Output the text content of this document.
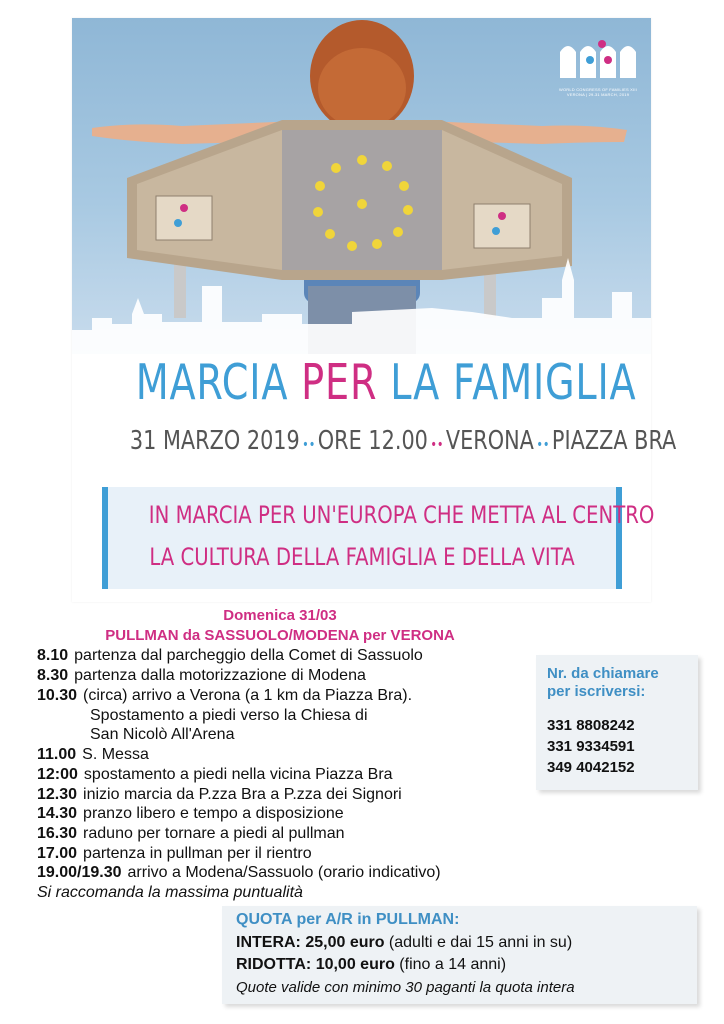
WORLD CONGRESS OF FAMILIES XIII
VERONA | 29-31 MARCH, 2019
MARCIA PER LA FAMIGLIA
31 MARZO 2019 ••ORE 12.00 ••VERONA ••PIAZZA BRA
IN MARCIA PER UN'EUROPA CHE METTA AL CENTRO
LA CULTURA DELLA FAMIGLIA E DELLA VITA
Domenica 31/03
PULLMAN da SASSUOLO/MODENA per VERONA
8.10 partenza dal parcheggio della Comet di Sassuolo
8.30 partenza dalla motorizzazione di Modena
10.30 (circa) arrivo a Verona (a 1 km da Piazza Bra).
Spostamento a piedi verso la Chiesa di
San Nicolò All'Arena
11.00 S. Messa
12:00 spostamento a piedi nella vicina Piazza Bra
12.30 inizio marcia da P.zza Bra a P.zza dei Signori
14.30 pranzo libero e tempo a disposizione
16.30 raduno per tornare a piedi al pullman
17.00 partenza in pullman per il rientro
19.00/19.30 arrivo a Modena/Sassuolo (orario indicativo)
Si raccomanda la massima puntualità
Nr. da chiamare
per iscriversi:
331 8808242
331 9334591
349 4042152
QUOTA per A/R in PULLMAN:
INTERA: 25,00 euro (adulti e dai 15 anni in su)
RIDOTTA: 10,00 euro (fino a 14 anni)
Quote valide con minimo 30 paganti la quota intera
